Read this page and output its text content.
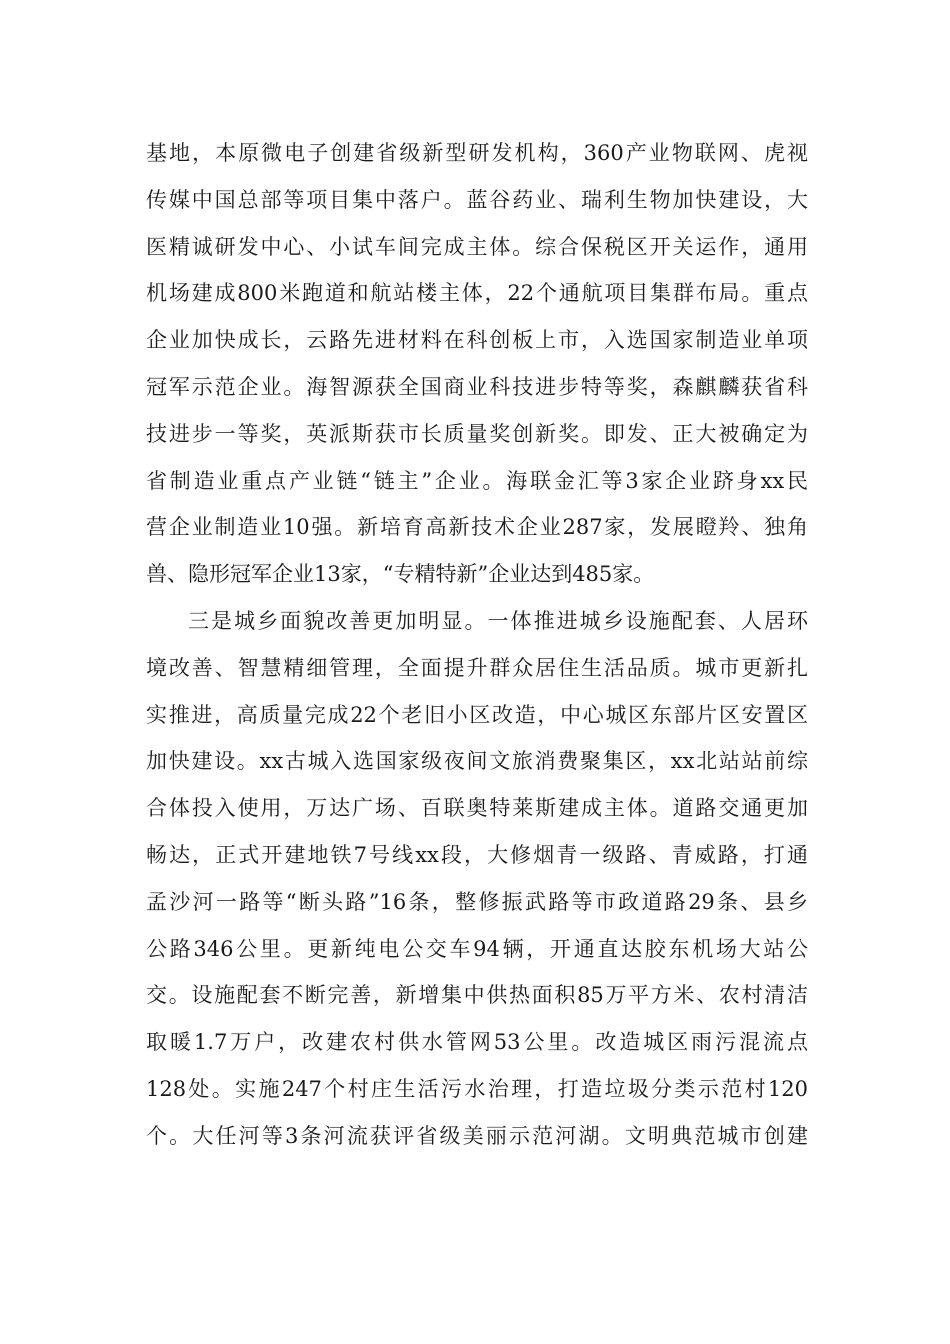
基地，本原微电子创建省级新型研发机构，360产业物联网、虎视
传媒中国总部等项目集中落户。蓝谷药业、瑞利生物加快建设，大
医精诚研发中心、小试车间完成主体。综合保税区开关运作，通用
机场建成800米跑道和航站楼主体，22个通航项目集群布局。重点
企业加快成长，云路先进材料在科创板上市，入选国家制造业单项
冠军示范企业。海智源获全国商业科技进步特等奖，森麒麟获省科
技进步一等奖，英派斯获市长质量奖创新奖。即发、正大被确定为
省制造业重点产业链“链主”企业。海联金汇等3家企业跻身xx民
营企业制造业10强。新培育高新技术企业287家，发展瞪羚、独角
兽、隐形冠军企业13家，“专精特新”企业达到485家。
三是城乡面貌改善更加明显。一体推进城乡设施配套、人居环
境改善、智慧精细管理，全面提升群众居住生活品质。城市更新扎
实推进，高质量完成22个老旧小区改造，中心城区东部片区安置区
加快建设。xx古城入选国家级夜间文旅消费聚集区，xx北站站前综
合体投入使用，万达广场、百联奥特莱斯建成主体。道路交通更加
畅达，正式开建地铁7号线xx段，大修烟青一级路、青威路，打通
孟沙河一路等“断头路”16条，整修振武路等市政道路29条、县乡
公路346公里。更新纯电公交车94辆，开通直达胶东机场大站公
交。设施配套不断完善，新增集中供热面积85万平方米、农村清洁
取暖1.7万户，改建农村供水管网53公里。改造城区雨污混流点
128处。实施247个村庄生活污水治理，打造垃圾分类示范村120
个。大任河等3条河流获评省级美丽示范河湖。文明典范城市创建
